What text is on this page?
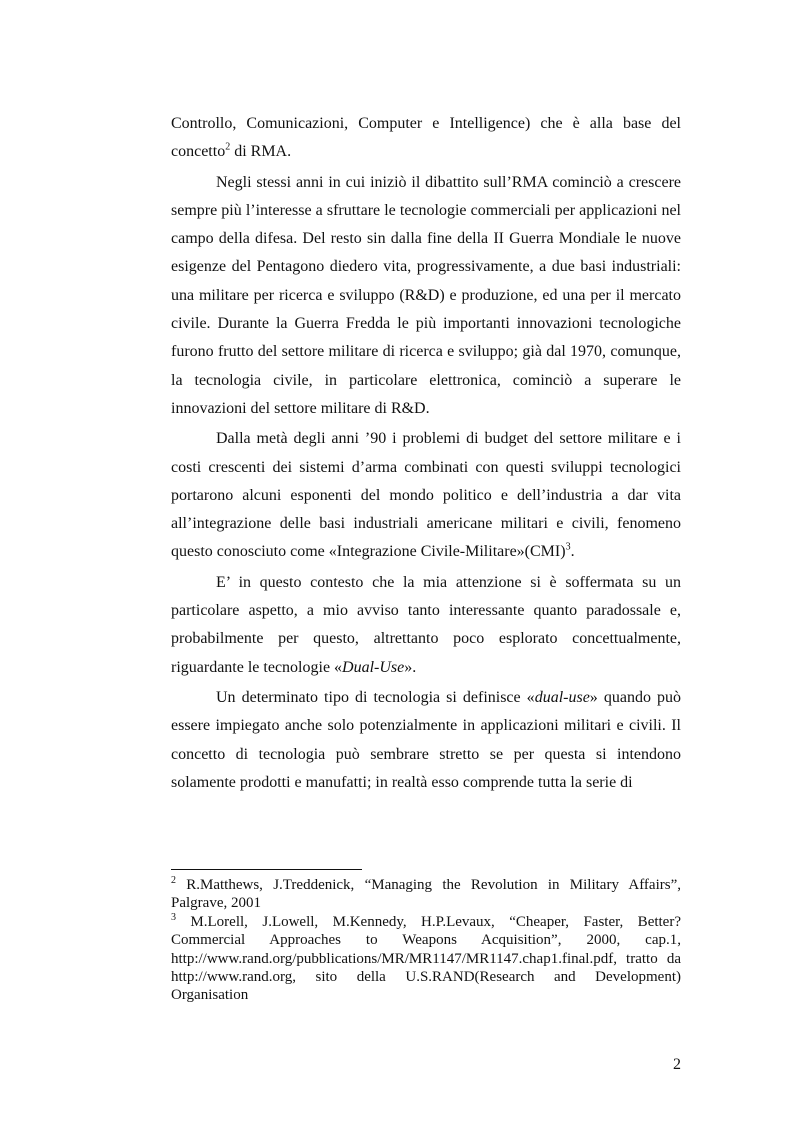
Controllo, Comunicazioni, Computer e Intelligence) che è alla base del concetto$^2$ di RMA.

Negli stessi anni in cui iniziò il dibattito sull’RMA cominciò a crescere sempre più l’interesse a sfruttare le tecnologie commerciali per applicazioni nel campo della difesa. Del resto sin dalla fine della II Guerra Mondiale le nuove esigenze del Pentagono diedero vita, progressivamente, a due basi industriali: una militare per ricerca e sviluppo (R&D) e produzione, ed una per il mercato civile. Durante la Guerra Fredda le più importanti innovazioni tecnologiche furono frutto del settore militare di ricerca e sviluppo; già dal 1970, comunque, la tecnologia civile, in particolare elettronica, cominciò a superare le innovazioni del settore militare di R&D.

Dalla metà degli anni ’90 i problemi di budget del settore militare e i costi crescenti dei sistemi d’arma combinati con questi sviluppi tecnologici portarono alcuni esponenti del mondo politico e dell’industria a dar vita all’integrazione delle basi industriali americane militari e civili, fenomeno questo conosciuto come «Integrazione Civile-Militare»(CMI)$^3$.

E’ in questo contesto che la mia attenzione si è soffermata su un particolare aspetto, a mio avviso tanto interessante quanto paradossale e, probabilmente per questo, altrettanto poco esplorato concettualmente, riguardante le tecnologie «Dual-Use».

Un determinato tipo di tecnologia si definisce «dual-use» quando può essere impiegato anche solo potenzialmente in applicazioni militari e civili. Il concetto di tecnologia può sembrare stretto se per questa si intendono solamente prodotti e manufatti; in realtà esso comprende tutta la serie di

$^2$ R.Matthews, J.Treddenick, “Managing the Revolution in Military Affairs”, Palgrave, 2001

$^3$ M.Lorell, J.Lowell, M.Kennedy, H.P.Levaux, “Cheaper, Faster, Better? Commercial Approaches to Weapons Acquisition”, 2000, cap.1, http://www.rand.org/pubblications/MR/MR1147/MR1147.chap1.final.pdf, tratto da http://www.rand.org, sito della U.S.RAND(Research and Development) Organisation

2
